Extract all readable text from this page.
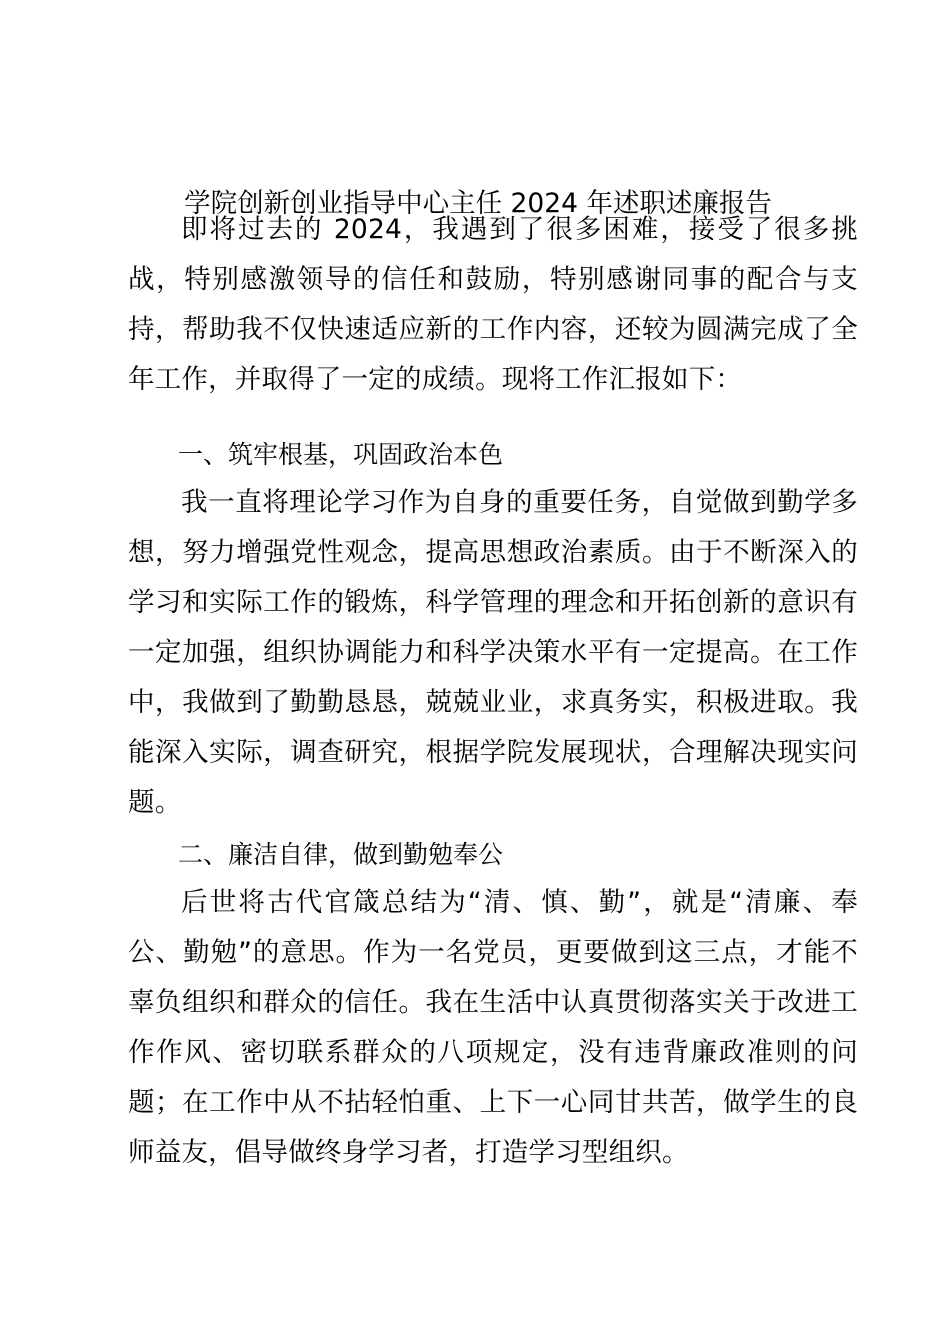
学院创新创业指导中心主任 2024 年述职述廉报告

即将过去的 2024，我遇到了很多困难，接受了很多挑战，特别感激领导的信任和鼓励，特别感谢同事的配合与支持，帮助我不仅快速适应新的工作内容，还较为圆满完成了全年工作，并取得了一定的成绩。现将工作汇报如下：

一、筑牢根基，巩固政治本色

我一直将理论学习作为自身的重要任务，自觉做到勤学多想，努力增强党性观念，提高思想政治素质。由于不断深入的学习和实际工作的锻炼，科学管理的理念和开拓创新的意识有一定加强，组织协调能力和科学决策水平有一定提高。在工作中，我做到了勤勤恳恳，兢兢业业，求真务实，积极进取。我能深入实际，调查研究，根据学院发展现状，合理解决现实问题。

二、廉洁自律，做到勤勉奉公

后世将古代官箴总结为“清、慎、勤”，就是“清廉、奉公、勤勉”的意思。作为一名党员，更要做到这三点，才能不辜负组织和群众的信任。我在生活中认真贯彻落实关于改进工作作风、密切联系群众的八项规定，没有违背廉政准则的问题；在工作中从不拈轻怕重、上下一心同甘共苦，做学生的良师益友，倡导做终身学习者，打造学习型组织。
